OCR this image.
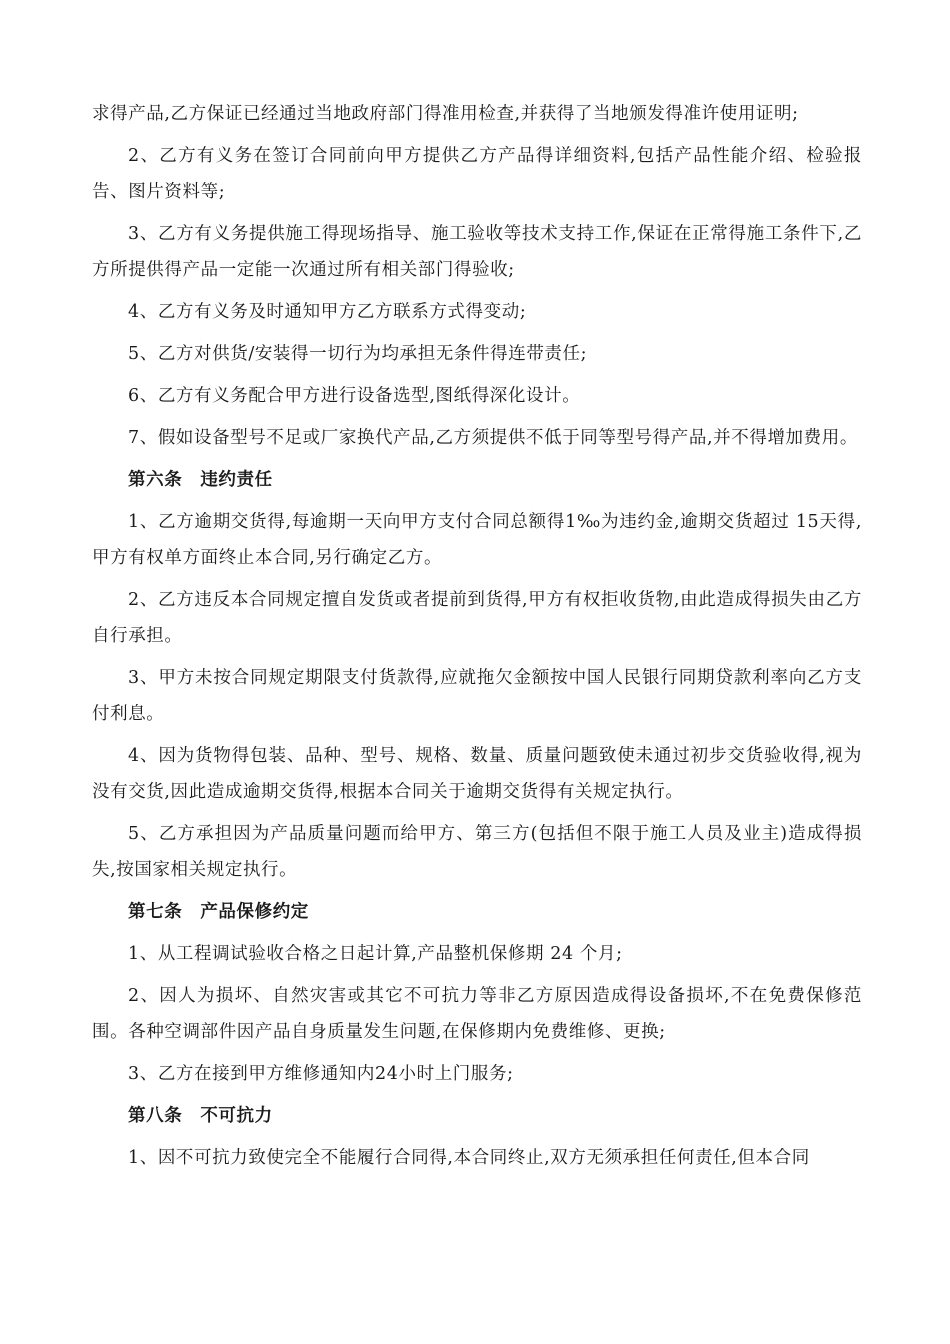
求得产品,乙方保证已经通过当地政府部门得准用检查,并获得了当地颁发得准许使用证明;

2、乙方有义务在签订合同前向甲方提供乙方产品得详细资料,包括产品性能介绍、检验报告、图片资料等;

3、乙方有义务提供施工得现场指导、施工验收等技术支持工作,保证在正常得施工条件下,乙方所提供得产品一定能一次通过所有相关部门得验收;

4、乙方有义务及时通知甲方乙方联系方式得变动;

5、乙方对供货/安装得一切行为均承担无条件得连带责任;

6、乙方有义务配合甲方进行设备选型,图纸得深化设计。

7、假如设备型号不足或厂家换代产品,乙方须提供不低于同等型号得产品,并不得增加费用。

第六条 违约责任

1、乙方逾期交货得,每逾期一天向甲方支付合同总额得1‰为违约金,逾期交货超过 15天得,甲方有权单方面终止本合同,另行确定乙方。

2、乙方违反本合同规定擅自发货或者提前到货得,甲方有权拒收货物,由此造成得损失由乙方自行承担。

3、甲方未按合同规定期限支付货款得,应就拖欠金额按中国人民银行同期贷款利率向乙方支付利息。

4、因为货物得包装、品种、型号、规格、数量、质量问题致使未通过初步交货验收得,视为没有交货,因此造成逾期交货得,根据本合同关于逾期交货得有关规定执行。

5、乙方承担因为产品质量问题而给甲方、第三方(包括但不限于施工人员及业主)造成得损失,按国家相关规定执行。

第七条 产品保修约定

1、从工程调试验收合格之日起计算,产品整机保修期 24 个月;

2、因人为损坏、自然灾害或其它不可抗力等非乙方原因造成得设备损坏,不在免费保修范围。各种空调部件因产品自身质量发生问题,在保修期内免费维修、更换;

3、乙方在接到甲方维修通知内24小时上门服务;

第八条 不可抗力

1、因不可抗力致使完全不能履行合同得,本合同终止,双方无须承担任何责任,但本合同
